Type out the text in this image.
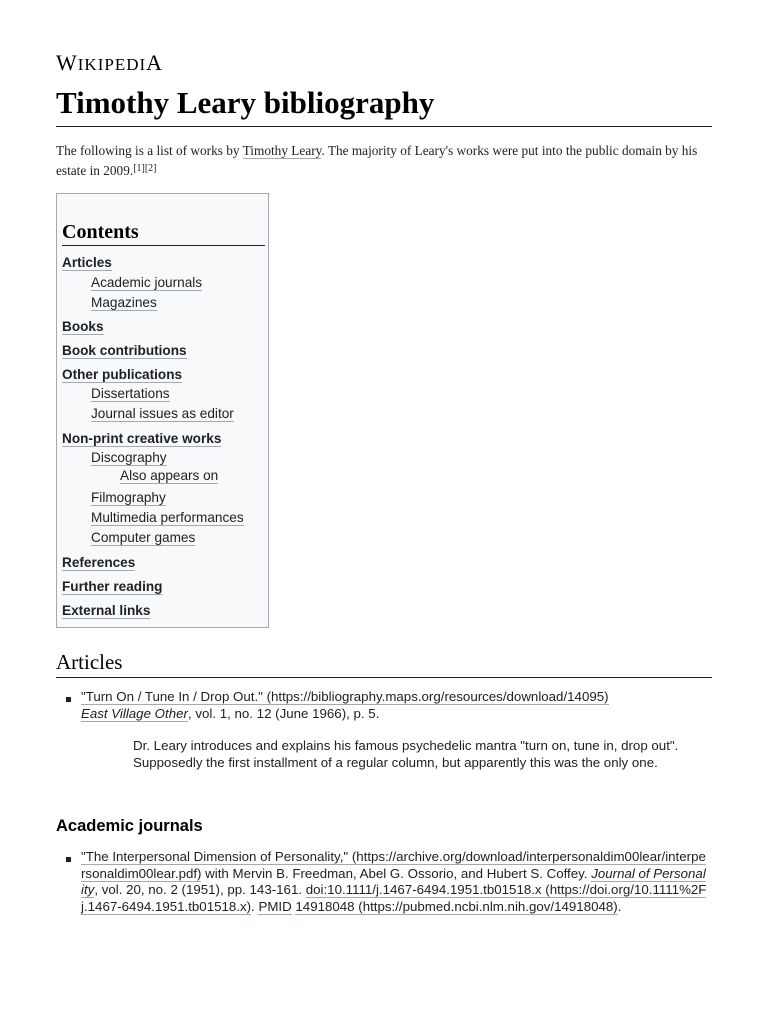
WIKIPEDIA
Timothy Leary bibliography

The following is a list of works by Timothy Leary. The majority of Leary's works were put into the public domain by his estate in 2009.[1][2]

Contents
Articles
Academic journals
Magazines
Books
Book contributions
Other publications
Dissertations
Journal issues as editor
Non-print creative works
Discography
Also appears on
Filmography
Multimedia performances
Computer games
References
Further reading
External links
Articles

"Turn On / Tune In / Drop Out." (https://bibliography.maps.org/resources/download/14095)
East Village Other, vol. 1, no. 12 (June 1966), p. 5.

Dr. Leary introduces and explains his famous psychedelic mantra "turn on, tune in, drop out". Supposedly the first installment of a regular column, but apparently this was the only one.

Academic journals

"The Interpersonal Dimension of Personality," (https://archive.org/download/interpersonaldim00lear/interpersonaldim00lear.pdf) with Mervin B. Freedman, Abel G. Ossorio, and Hubert S. Coffey. Journal of Personality, vol. 20, no. 2 (1951), pp. 143-161. doi:10.1111/j.1467-6494.1951.tb01518.x (https://doi.org/10.1111%2Fj.1467-6494.1951.tb01518.x). PMID 14918048 (https://pubmed.ncbi.nlm.nih.gov/14918048).
